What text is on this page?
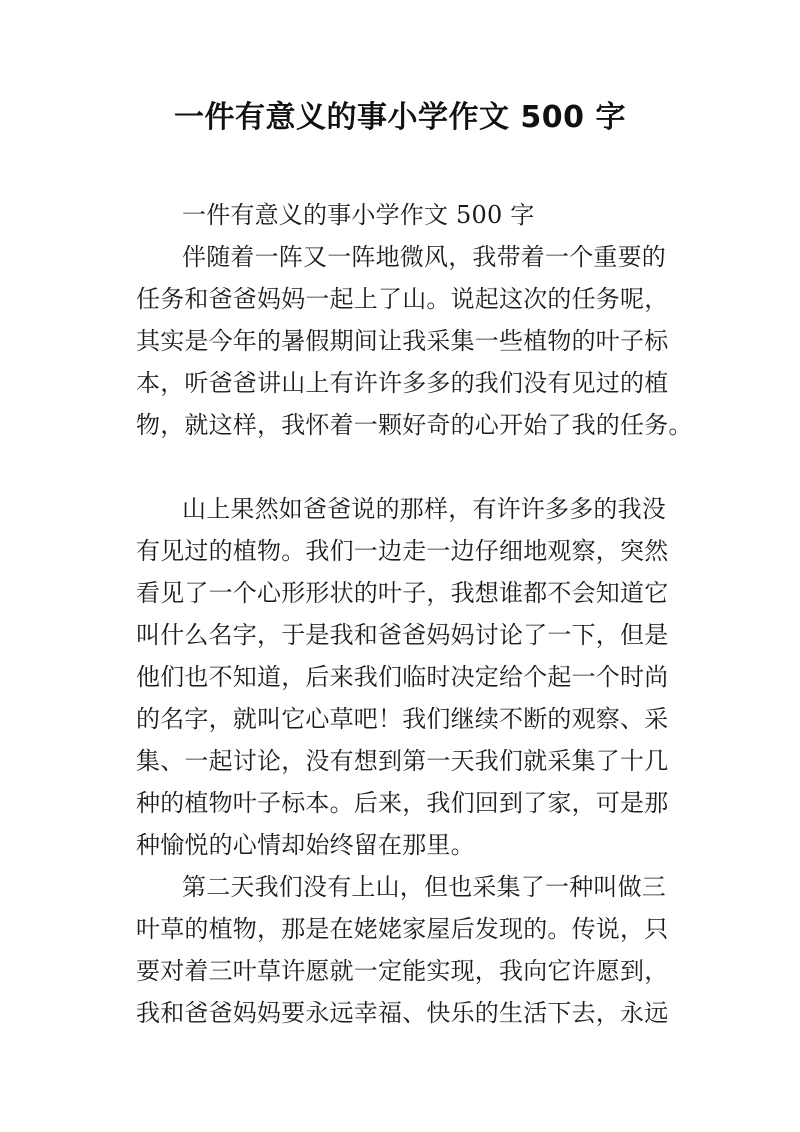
一件有意义的事小学作文 500 字
一件有意义的事小学作文 500 字
伴随着一阵又一阵地微风，我带着一个重要的
任务和爸爸妈妈一起上了山。说起这次的任务呢，
其实是今年的暑假期间让我采集一些植物的叶子标
本，听爸爸讲山上有许许多多的我们没有见过的植
物，就这样，我怀着一颗好奇的心开始了我的任务。
山上果然如爸爸说的那样，有许许多多的我没
有见过的植物。我们一边走一边仔细地观察，突然
看见了一个心形形状的叶子，我想谁都不会知道它
叫什么名字，于是我和爸爸妈妈讨论了一下，但是
他们也不知道，后来我们临时决定给个起一个时尚
的名字，就叫它心草吧！我们继续不断的观察、采
集、一起讨论，没有想到第一天我们就采集了十几
种的植物叶子标本。后来，我们回到了家，可是那
种愉悦的心情却始终留在那里。
第二天我们没有上山，但也采集了一种叫做三
叶草的植物，那是在姥姥家屋后发现的。传说，只
要对着三叶草许愿就一定能实现，我向它许愿到，
我和爸爸妈妈要永远幸福、快乐的生活下去，永远
